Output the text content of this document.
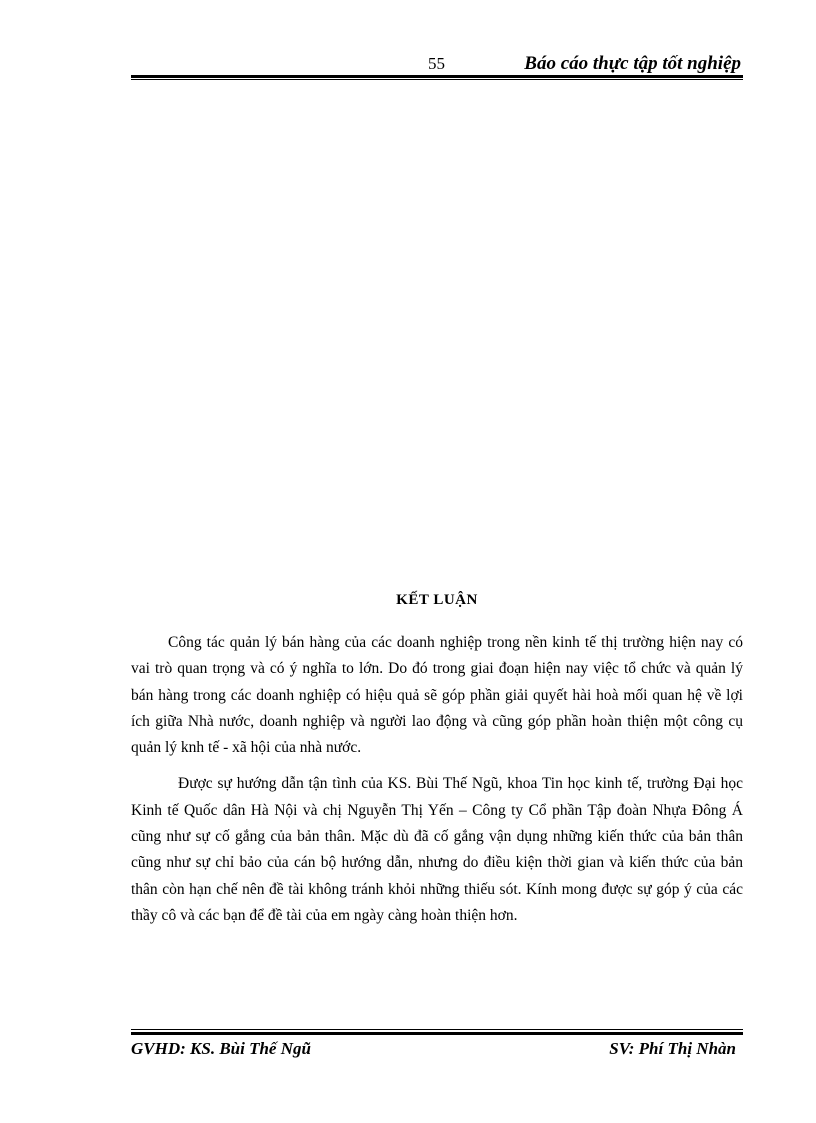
55	Báo cáo thực tập tốt nghiệp
KẾT LUẬN

Công tác quản lý bán hàng của các doanh nghiệp trong nền kinh tế thị trường hiện nay có vai trò quan trọng và có ý nghĩa to lớn. Do đó trong giai đoạn hiện nay việc tổ chức và quản lý bán hàng trong các doanh nghiệp có hiệu quả sẽ góp phần giải quyết hài hoà mối quan hệ về lợi ích giữa Nhà nước, doanh nghiệp và người lao động và cũng góp phần hoàn thiện một công cụ quản lý knh tế - xã hội của nhà nước.

Được sự hướng dẫn tận tình của KS. Bùi Thế Ngũ, khoa Tin học kinh tế, trường Đại học Kinh tế Quốc dân Hà Nội và chị Nguyễn Thị Yến – Công ty Cổ phần Tập đoàn Nhựa Đông Á cũng như sự cố gắng của bản thân. Mặc dù đã cố gắng vận dụng những kiến thức của bản thân cũng như sự chỉ bảo của cán bộ hướng dẫn, nhưng do điều kiện thời gian và kiến thức của bản thân còn hạn chế nên đề tài không tránh khỏi những thiếu sót. Kính mong được sự góp ý của các thầy cô và các bạn để đề tài của em ngày càng hoàn thiện hơn.

GVHD: KS. Bùi Thế Ngũ	SV: Phí Thị Nhàn
